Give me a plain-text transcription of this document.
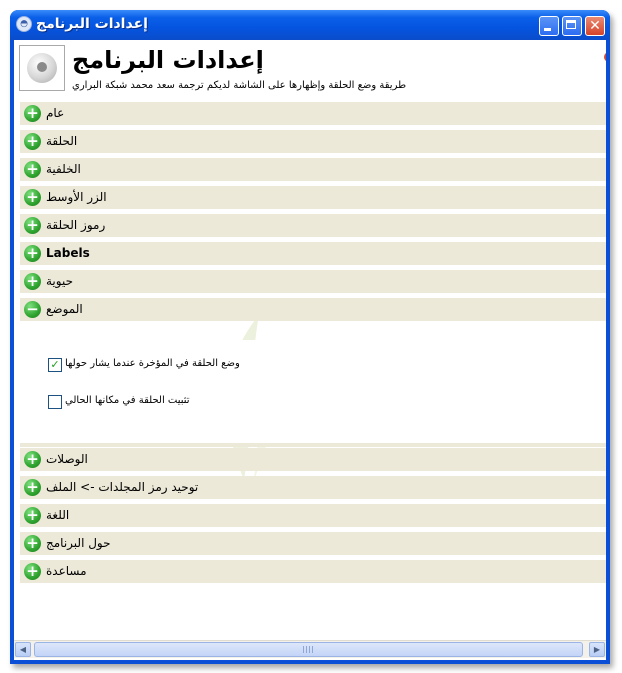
◓ إعدادات البرنامج	✕
إعدادات البرنامج
طريقة وضع الحلقة وإظهارها على الشاشة لديكم ترجمة سعد محمد شبكة البراري
+ عام
+ الحلقة
+ الخلفية
+ الزر الأوسط
+ رموز الحلقة
+ Labels
+ حيوية
− الموضع
✓ وضع الحلقة في المؤخرة عندما يشار حولها
تثبيت الحلقة في مكانها الحالي
+ الوصلات
+ توحيد رمز المجلدات -> الملف
+ اللغة
+ حول البرنامج
+ مساعدة
◀	▶
